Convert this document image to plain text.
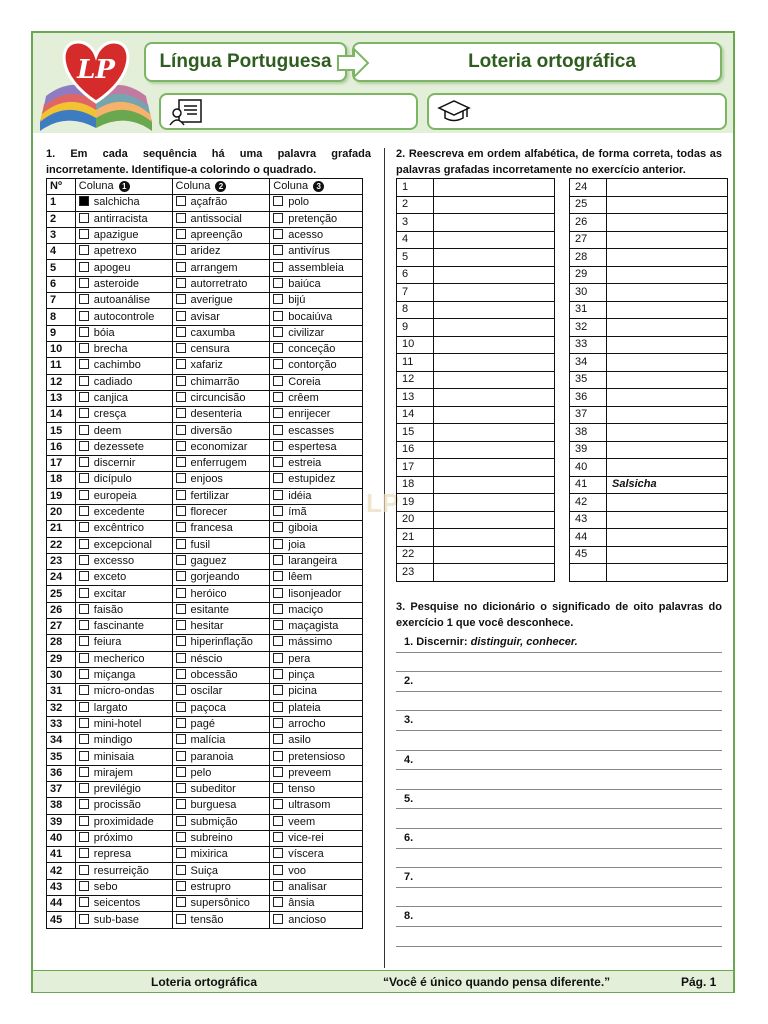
LP	Língua Portuguesa	Loteria ortográfica
LP
1. Em cada sequência há uma palavra grafada incorretamente. Identifique-a colorindo o quadrado.
Nº	Coluna 1	Coluna 2	Coluna 3
1	salchicha	açafrão	polo
2	antirracista	antissocial	pretenção
3	apazigue	apreenção	acesso
4	apetrexo	aridez	antivírus
5	apogeu	arrangem	assembleia
6	asteroide	autorretrato	baiúca
7	autoanálise	averigue	bijú
8	autocontrole	avisar	bocaiúva
9	bóia	caxumba	civilizar
10	brecha	censura	conceção
11	cachimbo	xafariz	contorção
12	cadiado	chimarrão	Coreia
13	canjica	circuncisão	crêem
14	cresça	desenteria	enrijecer
15	deem	diversão	escasses
16	dezessete	economizar	espertesa
17	discernir	enferrugem	estreia
18	dicípulo	enjoos	estupidez
19	europeia	fertilizar	idéia
20	excedente	florecer	ímã
21	excêntrico	francesa	giboia
22	excepcional	fusil	joia
23	excesso	gaguez	larangeira
24	exceto	gorjeando	lêem
25	excitar	heróico	lisonjeador
26	faisão	esitante	maciço
27	fascinante	hesitar	maçagista
28	feiura	hiperinflação	mássimo
29	mecherico	néscio	pera
30	miçanga	obcessão	pinça
31	micro-ondas	oscilar	picina
32	largato	paçoca	plateia
33	mini-hotel	pagé	arrocho
34	mindigo	malícia	asilo
35	minisaia	paranoia	pretensioso
36	mirajem	pelo	preveem
37	previlégio	subeditor	tenso
38	procissão	burguesa	ultrasom
39	proximidade	submição	veem
40	próximo	subreino	vice-rei
41	represa	mixirica	víscera
42	resurreição	Suiça	voo
43	sebo	estrupro	analisar
44	seicentos	supersônico	ânsia
45	sub-base	tensão	ancioso
2. Reescreva em ordem alfabética, de forma correta, todas as palavras grafadas incorretamente no exercício anterior.
1	
2	
3	
4	
5	
6	
7	
8	
9	
10	
11	
12	
13	
14	
15	
16	
17	
18	
19	
20	
21	
22	
23	
24	
25	
26	
27	
28	
29	
30	
31	
32	
33	
34	
35	
36	
37	
38	
39	
40	
41	Salsicha
42	
43	
44	
45	

3. Pesquise no dicionário o significado de oito palavras do exercício 1 que você desconhece.
1. Discernir: distinguir, conhecer.
2.
3.
4.
5.
6.
7.
8.
Loteria ortográfica	“Você é único quando pensa diferente.”	Pág. 1
